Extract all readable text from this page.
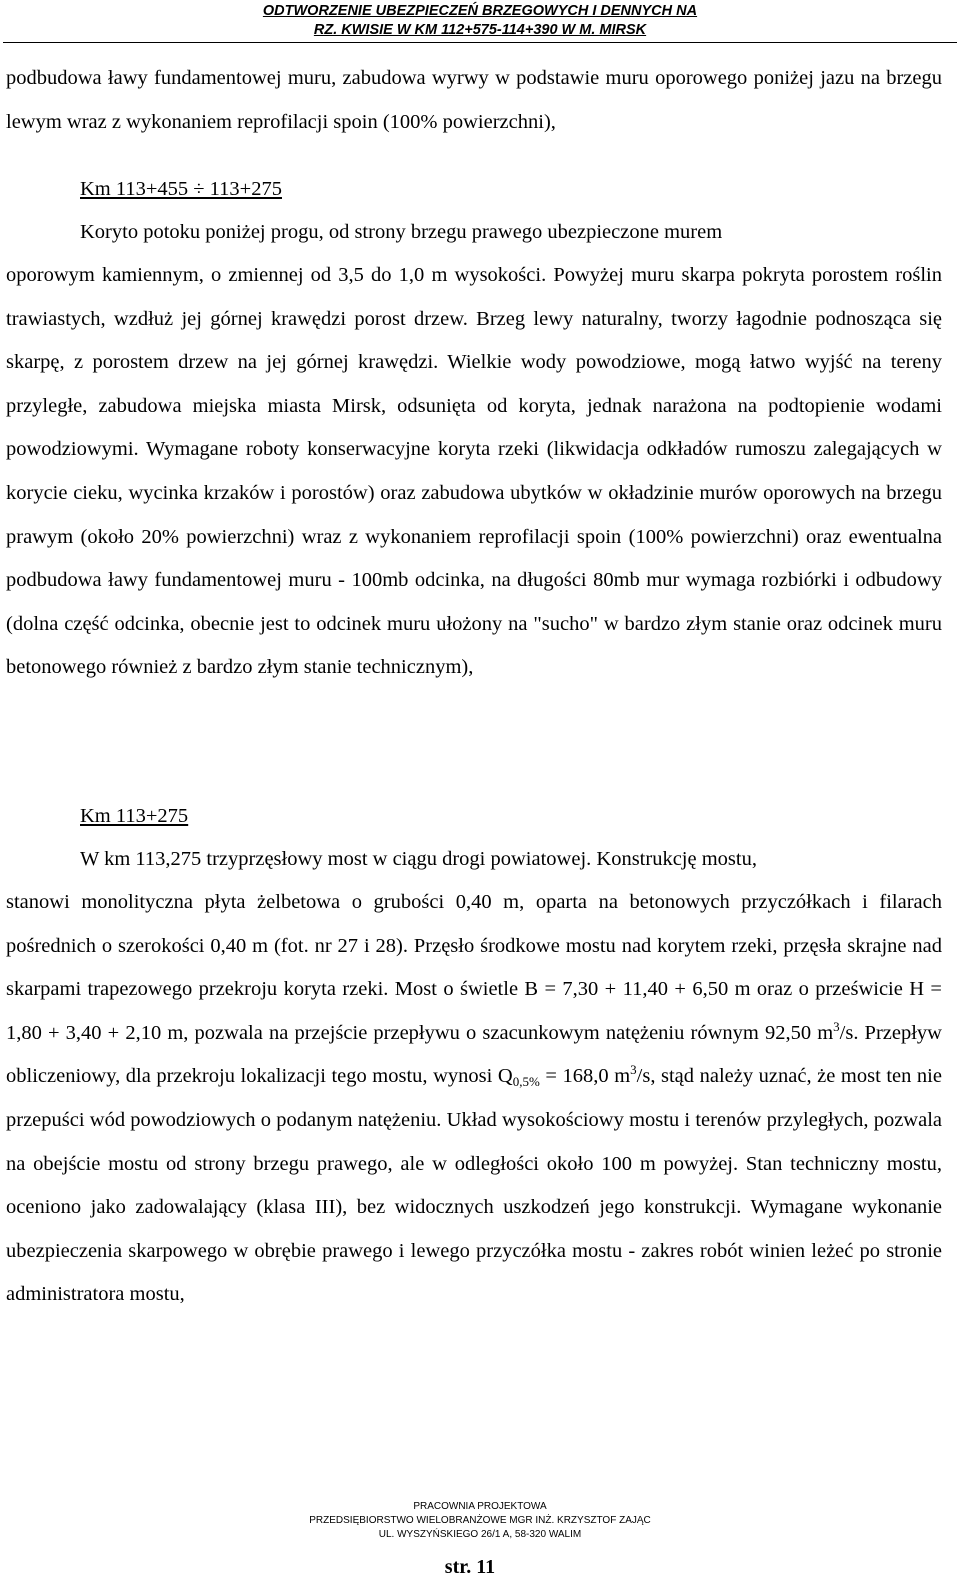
ODTWORZENIE UBEZPIECZEŃ BRZEGOWYCH I DENNYCH NA
RZ. KWISIE W KM 112+575-114+390 W M. MIRSK
podbudowa ławy fundamentowej muru, zabudowa wyrwy w podstawie muru oporowego poniżej jazu na brzegu lewym wraz z wykonaniem reprofilacji spoin (100% powierzchni),
Km 113+455 ÷ 113+275
Koryto potoku poniżej progu, od strony brzegu prawego ubezpieczone murem
oporowym kamiennym, o zmiennej od 3,5 do 1,0 m wysokości. Powyżej muru skarpa pokryta porostem roślin trawiastych, wzdłuż jej górnej krawędzi porost drzew. Brzeg lewy naturalny, tworzy łagodnie podnosząca się skarpę, z porostem drzew na jej górnej krawędzi. Wielkie wody powodziowe, mogą łatwo wyjść na tereny przyległe, zabudowa miejska miasta Mirsk, odsunięta od koryta, jednak narażona na podtopienie wodami powodziowymi. Wymagane roboty konserwacyjne koryta rzeki (likwidacja odkładów rumoszu zalegających w korycie cieku, wycinka krzaków i porostów) oraz zabudowa ubytków w okładzinie murów oporowych na brzegu prawym (około 20% powierzchni) wraz z wykonaniem reprofilacji spoin (100% powierzchni) oraz ewentualna podbudowa ławy fundamentowej muru - 100mb odcinka, na długości 80mb mur wymaga rozbiórki i odbudowy (dolna część odcinka, obecnie jest to odcinek muru ułożony na "sucho" w bardzo złym stanie oraz odcinek muru betonowego również z bardzo złym stanie technicznym),
Km 113+275
W km 113,275 trzyprzęsłowy most w ciągu drogi powiatowej. Konstrukcję mostu,
stanowi monolityczna płyta żelbetowa o grubości 0,40 m, oparta na betonowych przyczółkach i filarach pośrednich o szerokości 0,40 m (fot. nr 27 i 28). Przęsło środkowe mostu nad korytem rzeki, przęsła skrajne nad skarpami trapezowego przekroju koryta rzeki. Most o świetle B = 7,30 + 11,40 + 6,50 m oraz o prześwicie H = 1,80 + 3,40 + 2,10 m, pozwala na przejście przepływu o szacunkowym natężeniu równym 92,50 $m^3/s$. Przepływ obliczeniowy, dla przekroju lokalizacji tego mostu, wynosi $Q_{0,5\%} = 168,0$ $m^3/s$, stąd należy uznać, że most ten nie przepuści wód powodziowych o podanym natężeniu. Układ wysokościowy mostu i terenów przyległych, pozwala na obejście mostu od strony brzegu prawego, ale w odległości około 100 m powyżej. Stan techniczny mostu, oceniono jako zadowalający (klasa III), bez widocznych uszkodzeń jego konstrukcji. Wymagane wykonanie ubezpieczenia skarpowego w obrębie prawego i lewego przyczółka mostu - zakres robót winien leżeć po stronie administratora mostu,
PRACOWNIA PROJEKTOWA
PRZEDSIĘBIORSTWO WIELOBRANŻOWE MGR INŻ. KRZYSZTOF ZAJĄC
UL. WYSZYŃSKIEGO 26/1 A, 58-320 WALIM
str. 11
